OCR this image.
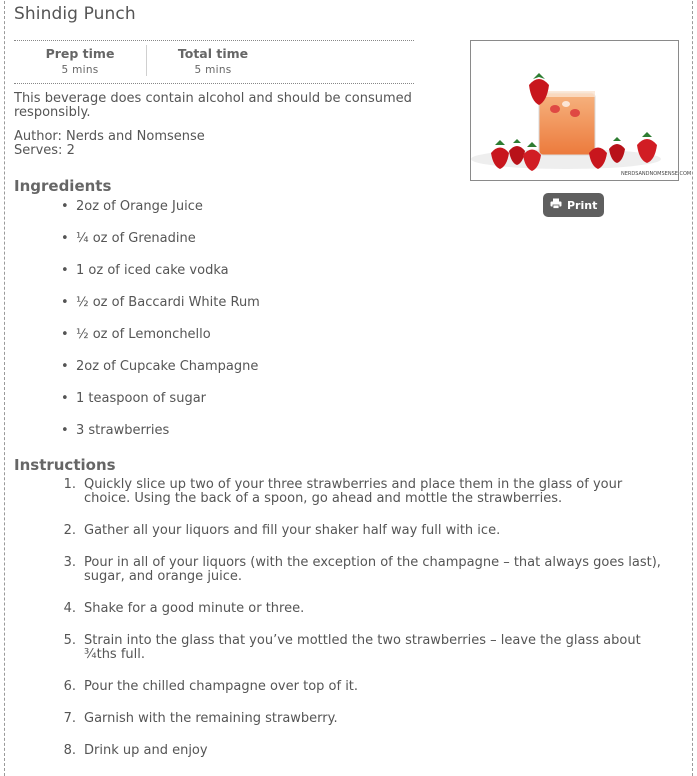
Shindig Punch
Prep time
5 mins
Total time
5 mins
This beverage does contain alcohol and should be consumed responsibly.
Author: Nerds and Nomsense
Serves: 2
Ingredients
• 2oz of Orange Juice
• ¼ oz of Grenadine
• 1 oz of iced cake vodka
• ½ oz of Baccardi White Rum
• ½ oz of Lemonchello
• 2oz of Cupcake Champagne
• 1 teaspoon of sugar
• 3 strawberries
Instructions
1. Quickly slice up two of your three strawberries and place them in the glass of your choice. Using the back of a spoon, go ahead and mottle the strawberries.
2. Gather all your liquors and fill your shaker half way full with ice.
3. Pour in all of your liquors (with the exception of the champagne – that always goes last), sugar, and orange juice.
4. Shake for a good minute or three.
5. Strain into the glass that you’ve mottled the two strawberries – leave the glass about ¾ths full.
6. Pour the chilled champagne over top of it.
7. Garnish with the remaining strawberry.
8. Drink up and enjoy
NERDSANDNOMSENSE.COM
Print
